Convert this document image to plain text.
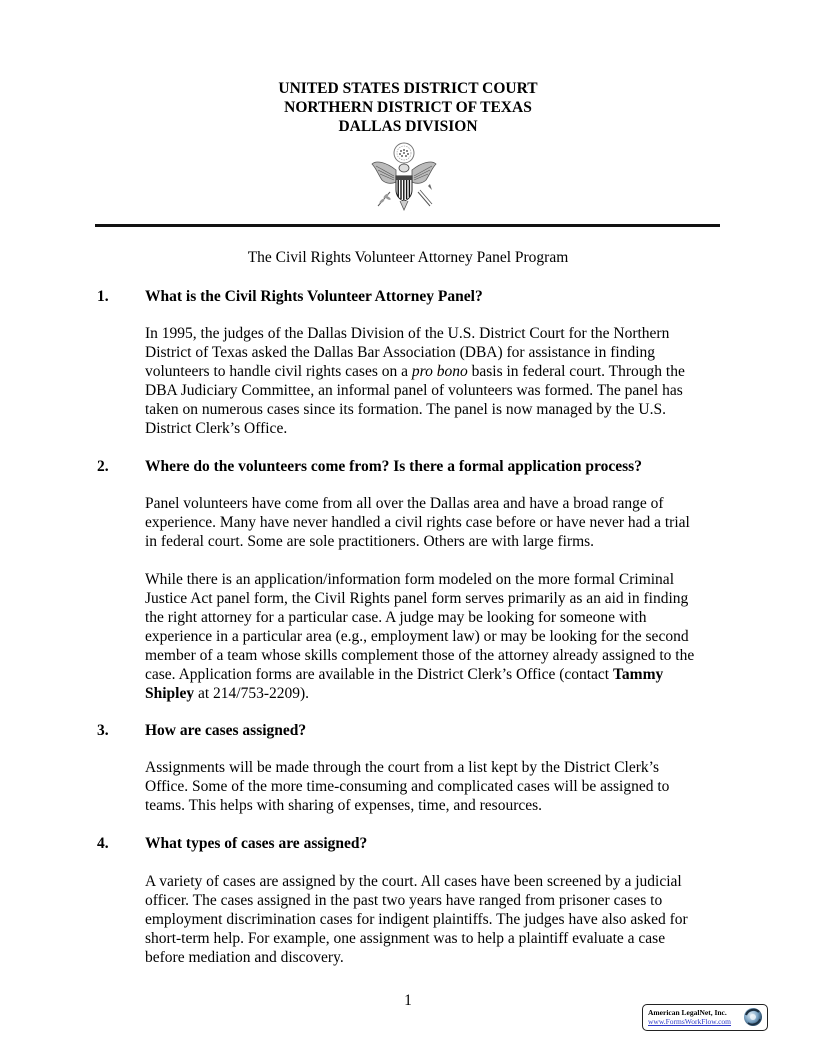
UNITED STATES DISTRICT COURT
NORTHERN DISTRICT OF TEXAS
DALLAS DIVISION
The Civil Rights Volunteer Attorney Panel Program
1. What is the Civil Rights Volunteer Attorney Panel?
In 1995, the judges of the Dallas Division of the U.S. District Court for the Northern
District of Texas asked the Dallas Bar Association (DBA) for assistance in finding
volunteers to handle civil rights cases on a pro bono basis in federal court. Through the
DBA Judiciary Committee, an informal panel of volunteers was formed. The panel has
taken on numerous cases since its formation. The panel is now managed by the U.S.
District Clerk’s Office.
2. Where do the volunteers come from? Is there a formal application process?
Panel volunteers have come from all over the Dallas area and have a broad range of
experience. Many have never handled a civil rights case before or have never had a trial
in federal court. Some are sole practitioners. Others are with large firms.
While there is an application/information form modeled on the more formal Criminal
Justice Act panel form, the Civil Rights panel form serves primarily as an aid in finding
the right attorney for a particular case. A judge may be looking for someone with
experience in a particular area (e.g., employment law) or may be looking for the second
member of a team whose skills complement those of the attorney already assigned to the
case. Application forms are available in the District Clerk’s Office (contact Tammy
Shipley at 214/753-2209).
3. How are cases assigned?
Assignments will be made through the court from a list kept by the District Clerk’s
Office. Some of the more time-consuming and complicated cases will be assigned to
teams. This helps with sharing of expenses, time, and resources.
4. What types of cases are assigned?
A variety of cases are assigned by the court. All cases have been screened by a judicial
officer. The cases assigned in the past two years have ranged from prisoner cases to
employment discrimination cases for indigent plaintiffs. The judges have also asked for
short-term help. For example, one assignment was to help a plaintiff evaluate a case
before mediation and discovery.
1
American LegalNet, Inc.
www.FormsWorkFlow.com
